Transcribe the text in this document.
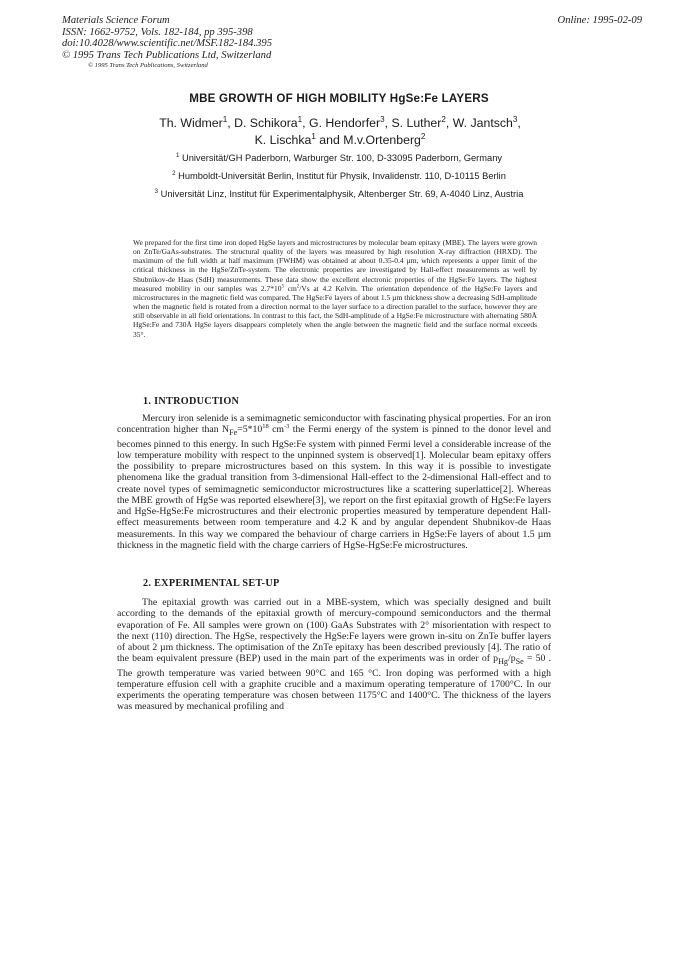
Materials Science Forum
ISSN: 1662-9752, Vols. 182-184, pp 395-398
doi:10.4028/www.scientific.net/MSF.182-184.395
© 1995 Trans Tech Publications Ltd, Switzerland
© 1995 Trans Tech Publications, Switzerland
Online: 1995-02-09
MBE GROWTH OF HIGH MOBILITY HgSe:Fe LAYERS
Th. Widmer$^1$, D. Schikora$^1$, G. Hendorfer$^3$, S. Luther$^2$, W. Jantsch$^3$,
K. Lischka$^1$ and M.v.Ortenberg$^2$
$^1$ Universität/GH Paderborn, Warburger Str. 100, D-33095 Paderborn, Germany
$^2$ Humboldt-Universität Berlin, Institut für Physik, Invalidenstr. 110, D-10115 Berlin
$^3$ Universität Linz, Institut für Experimentalphysik, Altenberger Str. 69, A-4040 Linz, Austria
We prepared for the first time iron doped HgSe layers and microstructures by molecular beam epitaxy (MBE). The layers were grown on ZnTe/GaAs-substrates. The structural quality of the layers was measured by high resolution X-ray diffraction (HRXD). The maximum of the full width at half maximum (FWHM) was obtained at about 0.35-0.4 µm, which represents a upper limit of the critical thickness in the HgSe/ZnTe-system. The electronic properties are investigated by Hall-effect measurements as well by Shubnikov-de Haas (SdH) measurements. These data show the excellent electronic properties of the HgSe:Fe layers. The highest measured mobility in our samples was $2.7*10^5$ $cm^2/Vs$ at 4.2 Kelvin. The orientation dependence of the HgSe:Fe layers and microstructures in the magnetic field was compared. The HgSe:Fe layers of about 1.5 µm thickness show a decreasing SdH-amplitude when the magnetic field is rotated from a direction normal to the layer surface to a direction parallel to the surface, however they are still observable in all field orientations. In contrast to this fact, the SdH-amplitude of a HgSe:Fe microstructure with alternating 580Å HgSe:Fe and 730Å HgSe layers disappears completely when the angle between the magnetic field and the surface normal exceeds 35°.
1. INTRODUCTION
Mercury iron selenide is a semimagnetic semiconductor with fascinating physical properties. For an iron concentration higher than $N_{Fe}=5*10^{18}$ $cm^{-3}$ the Fermi energy of the system is pinned to the donor level and becomes pinned to this energy. In such HgSe:Fe system with pinned Fermi level a considerable increase of the low temperature mobility with respect to the unpinned system is observed[1]. Molecular beam epitaxy offers the possibility to prepare microstructures based on this system. In this way it is possible to investigate phenomena like the gradual transition from 3-dimensional Hall-effect to the 2-dimensional Hall-effect and to create novel types of semimagnetic semiconductor microstructures like a scattering superlattice[2]. Whereas the MBE growth of HgSe was reported elsewhere[3], we report on the first epitaxial growth of HgSe:Fe layers and HgSe-HgSe:Fe microstructures and their electronic properties measured by temperature dependent Hall-effect measurements between room temperature and 4.2 K and by angular dependent Shubnikov-de Haas measurements. In this way we compared the behaviour of charge carriers in HgSe:Fe layers of about 1.5 µm thickness in the magnetic field with the charge carriers of HgSe-HgSe:Fe microstructures.
2. EXPERIMENTAL SET-UP
The epitaxial growth was carried out in a MBE-system, which was specially designed and built according to the demands of the epitaxial growth of mercury-compound semiconductors and the thermal evaporation of Fe. All samples were grown on (100) GaAs Substrates with 2° misorientation with respect to the next (110) direction. The HgSe, respectively the HgSe:Fe layers were grown in-situ on ZnTe buffer layers of about 2 µm thickness. The optimisation of the ZnTe epitaxy has been described previously [4]. The ratio of the beam equivalent pressure (BEP) used in the main part of the experiments was in order of $p_{Hg}/p_{Se} = 50$ . The growth temperature was varied between 90°C and 165 °C. Iron doping was performed with a high temperature effusion cell with a graphite crucible and a maximum operating temperature of 1700°C. In our experiments the operating temperature was chosen between 1175°C and 1400°C. The thickness of the layers was measured by mechanical profiling and
